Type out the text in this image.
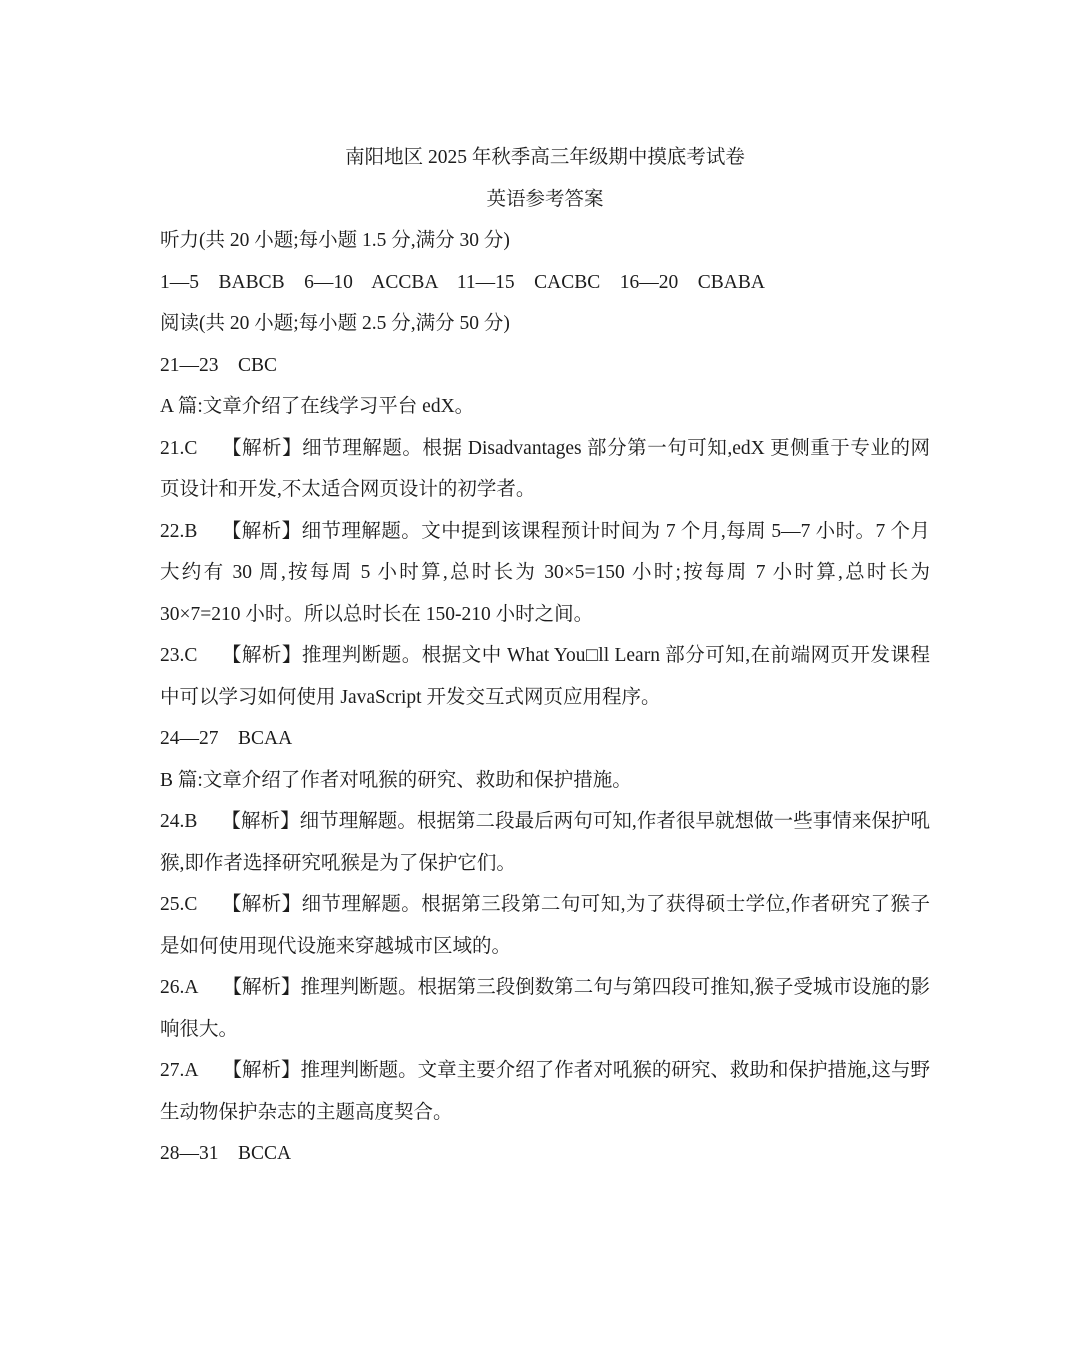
南阳地区 2025 年秋季高三年级期中摸底考试卷

英语参考答案

听力(共 20 小题;每小题 1.5 分,满分 30 分)

1—5    BABCB    6—10    ACCBA    11—15    CACBC    16—20    CBABA

阅读(共 20 小题;每小题 2.5 分,满分 50 分)

21—23    CBC

A 篇:文章介绍了在线学习平台 edX。

21.C 【解析】细节理解题。根据 Disadvantages 部分第一句可知,edX 更侧重于专业的网页设计和开发,不太适合网页设计的初学者。

22.B 【解析】细节理解题。文中提到该课程预计时间为 7 个月,每周 5—7 小时。7 个月大约有 30 周,按每周 5 小时算,总时长为 30×5=150 小时;按每周 7 小时算,总时长为 30×7=210 小时。所以总时长在 150-210 小时之间。

23.C 【解析】推理判断题。根据文中 What You□ll Learn 部分可知,在前端网页开发课程中可以学习如何使用 JavaScript 开发交互式网页应用程序。

24—27    BCAA

B 篇:文章介绍了作者对吼猴的研究、救助和保护措施。

24.B 【解析】细节理解题。根据第二段最后两句可知,作者很早就想做一些事情来保护吼猴,即作者选择研究吼猴是为了保护它们。

25.C 【解析】细节理解题。根据第三段第二句可知,为了获得硕士学位,作者研究了猴子是如何使用现代设施来穿越城市区域的。

26.A 【解析】推理判断题。根据第三段倒数第二句与第四段可推知,猴子受城市设施的影响很大。

27.A 【解析】推理判断题。文章主要介绍了作者对吼猴的研究、救助和保护措施,这与野生动物保护杂志的主题高度契合。

28—31    BCCA
